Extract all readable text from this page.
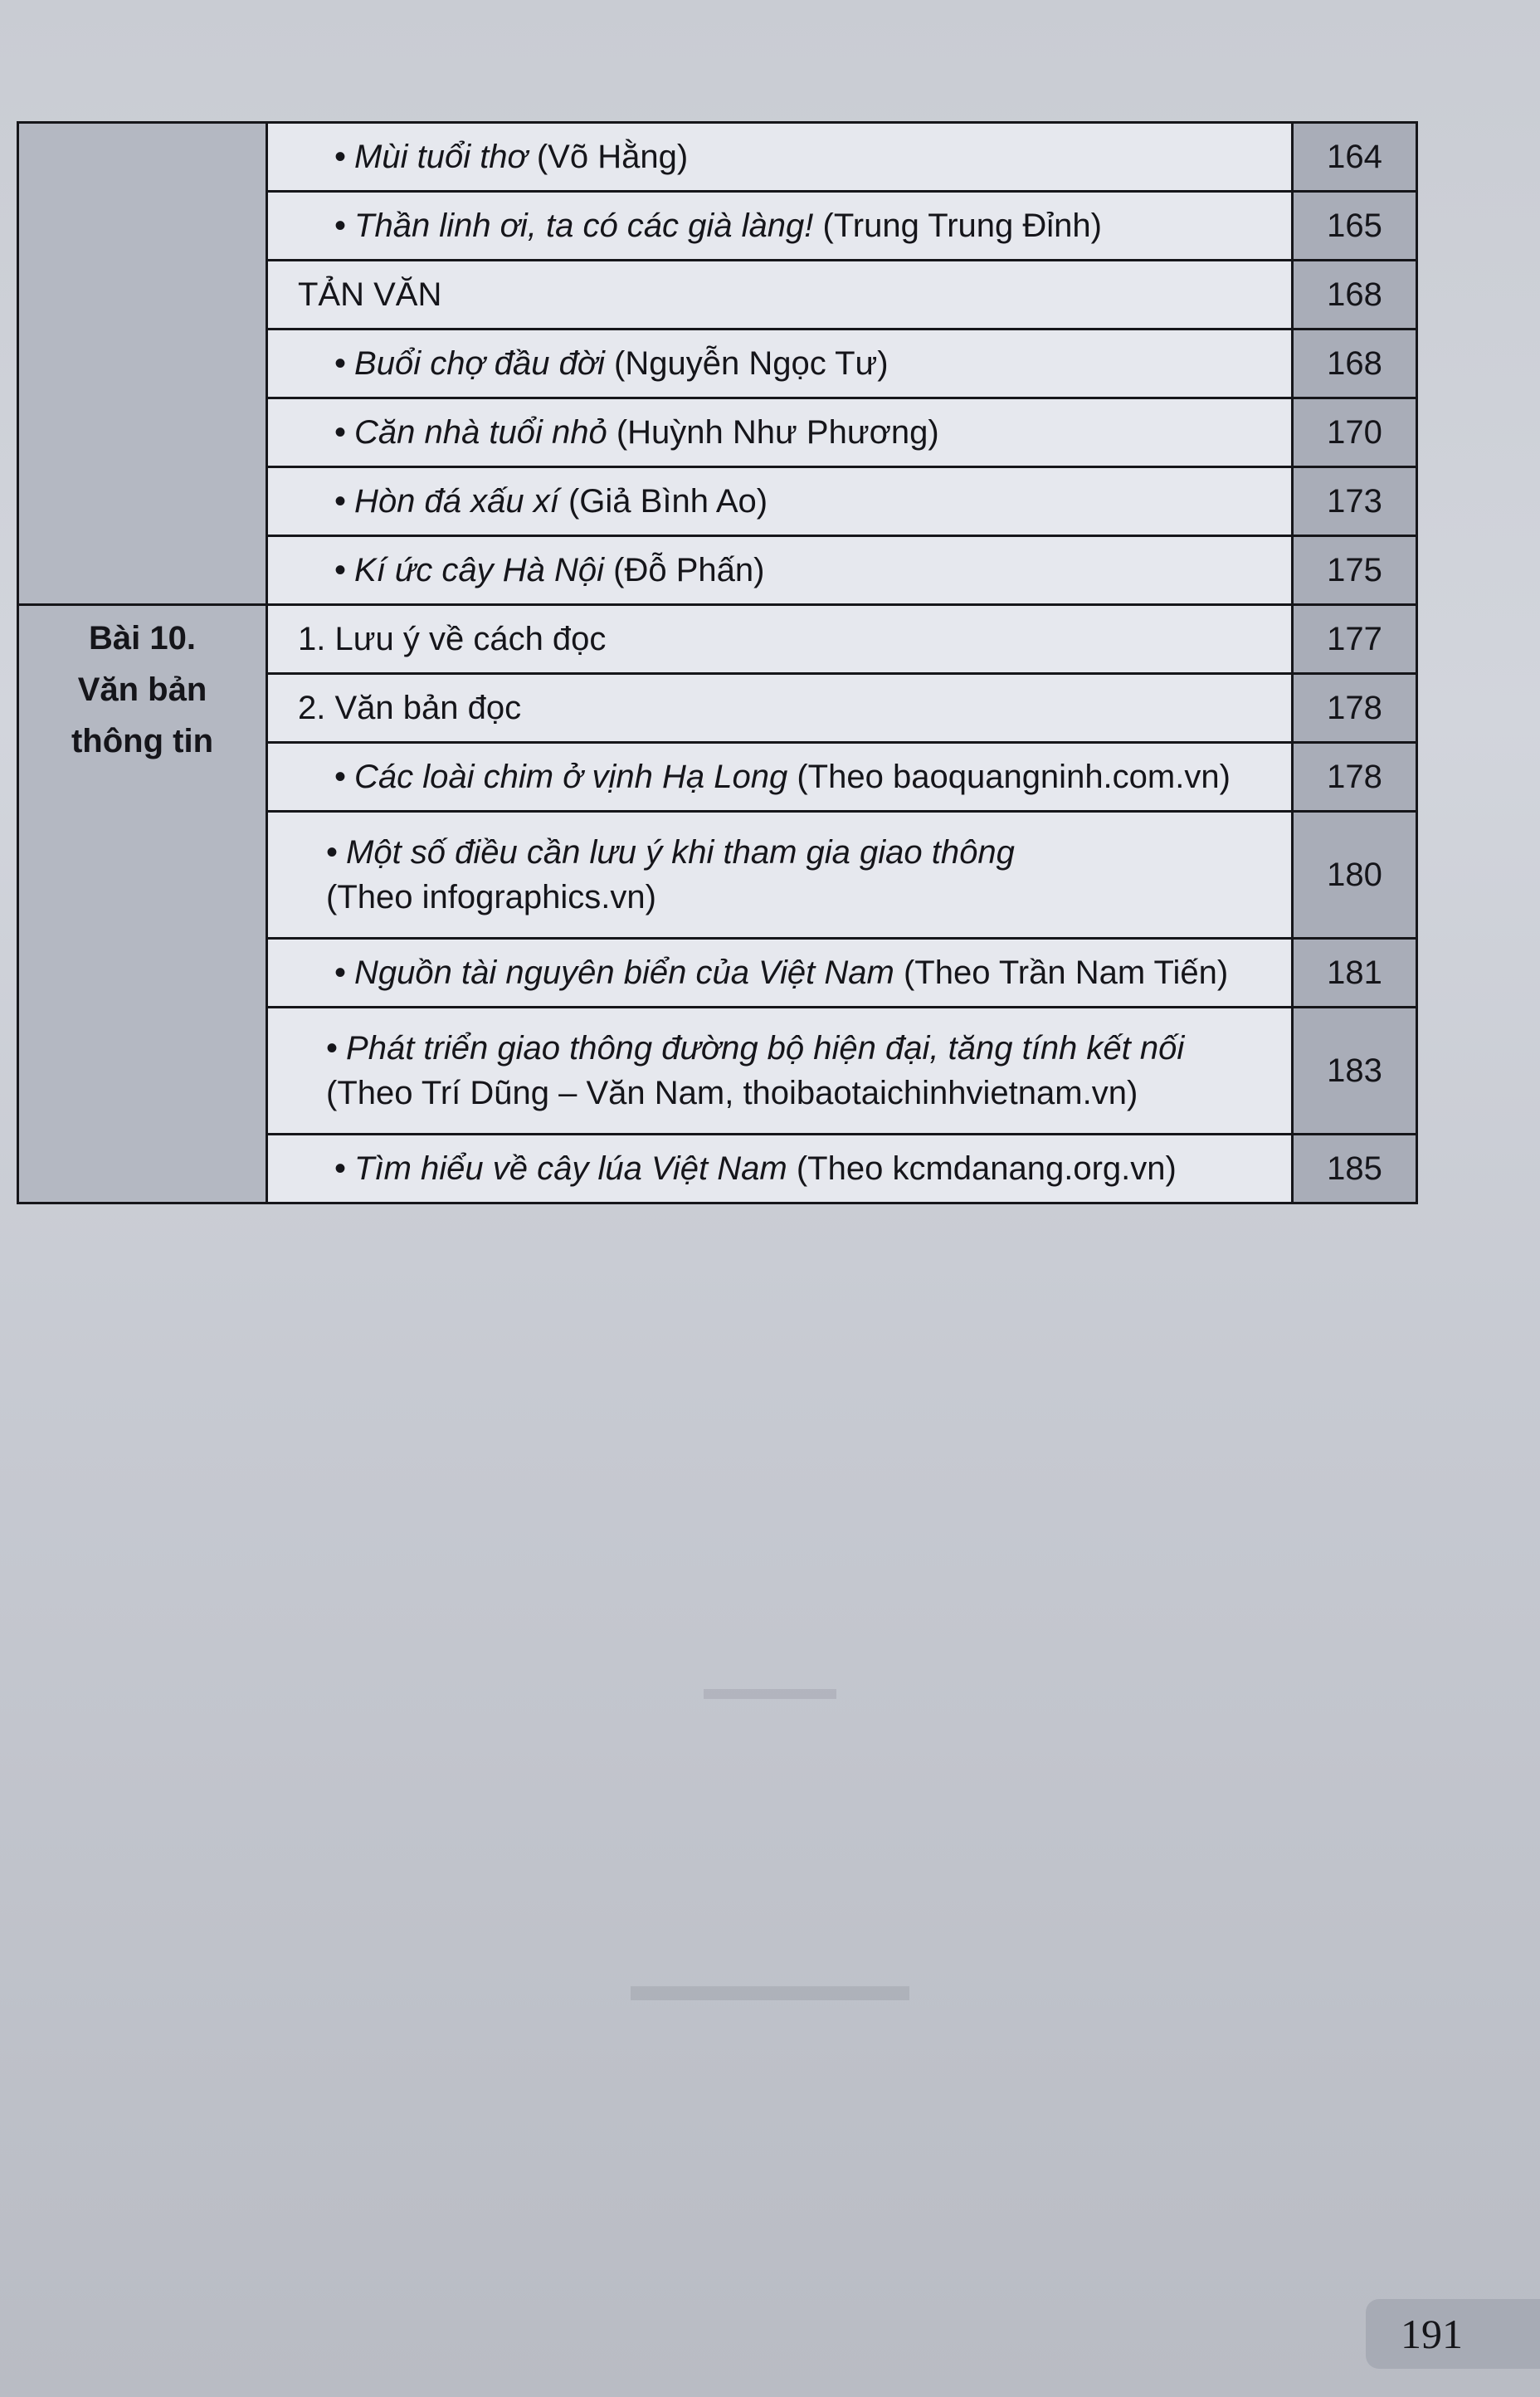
▬▬▬▬
▬▬▬▬▬▬
	• Mùi tuổi thơ (Võ Hằng)	164
	• Thần linh ơi, ta có các già làng! (Trung Trung Đỉnh)	165
	TẢN VĂN	168
	• Buổi chợ đầu đời (Nguyễn Ngọc Tư)	168
	• Căn nhà tuổi nhỏ (Huỳnh Như Phương)	170
	• Hòn đá xấu xí (Giả Bình Ao)	173
	• Kí ức cây Hà Nội (Đỗ Phấn)	175

Bài 10.
Văn bản
thông tin	1. Lưu ý về cách đọc	177
	2. Văn bản đọc	178
	• Các loài chim ở vịnh Hạ Long (Theo baoquangninh.com.vn)	178
	• Một số điều cần lưu ý khi tham gia giao thông
(Theo infographics.vn)	180
	• Nguồn tài nguyên biển của Việt Nam (Theo Trần Nam Tiến)	181
	• Phát triển giao thông đường bộ hiện đại, tăng tính kết nối
(Theo Trí Dũng – Văn Nam, thoibaotaichinhvietnam.vn)	183
	• Tìm hiểu về cây lúa Việt Nam (Theo kcmdanang.org.vn)	185
191
